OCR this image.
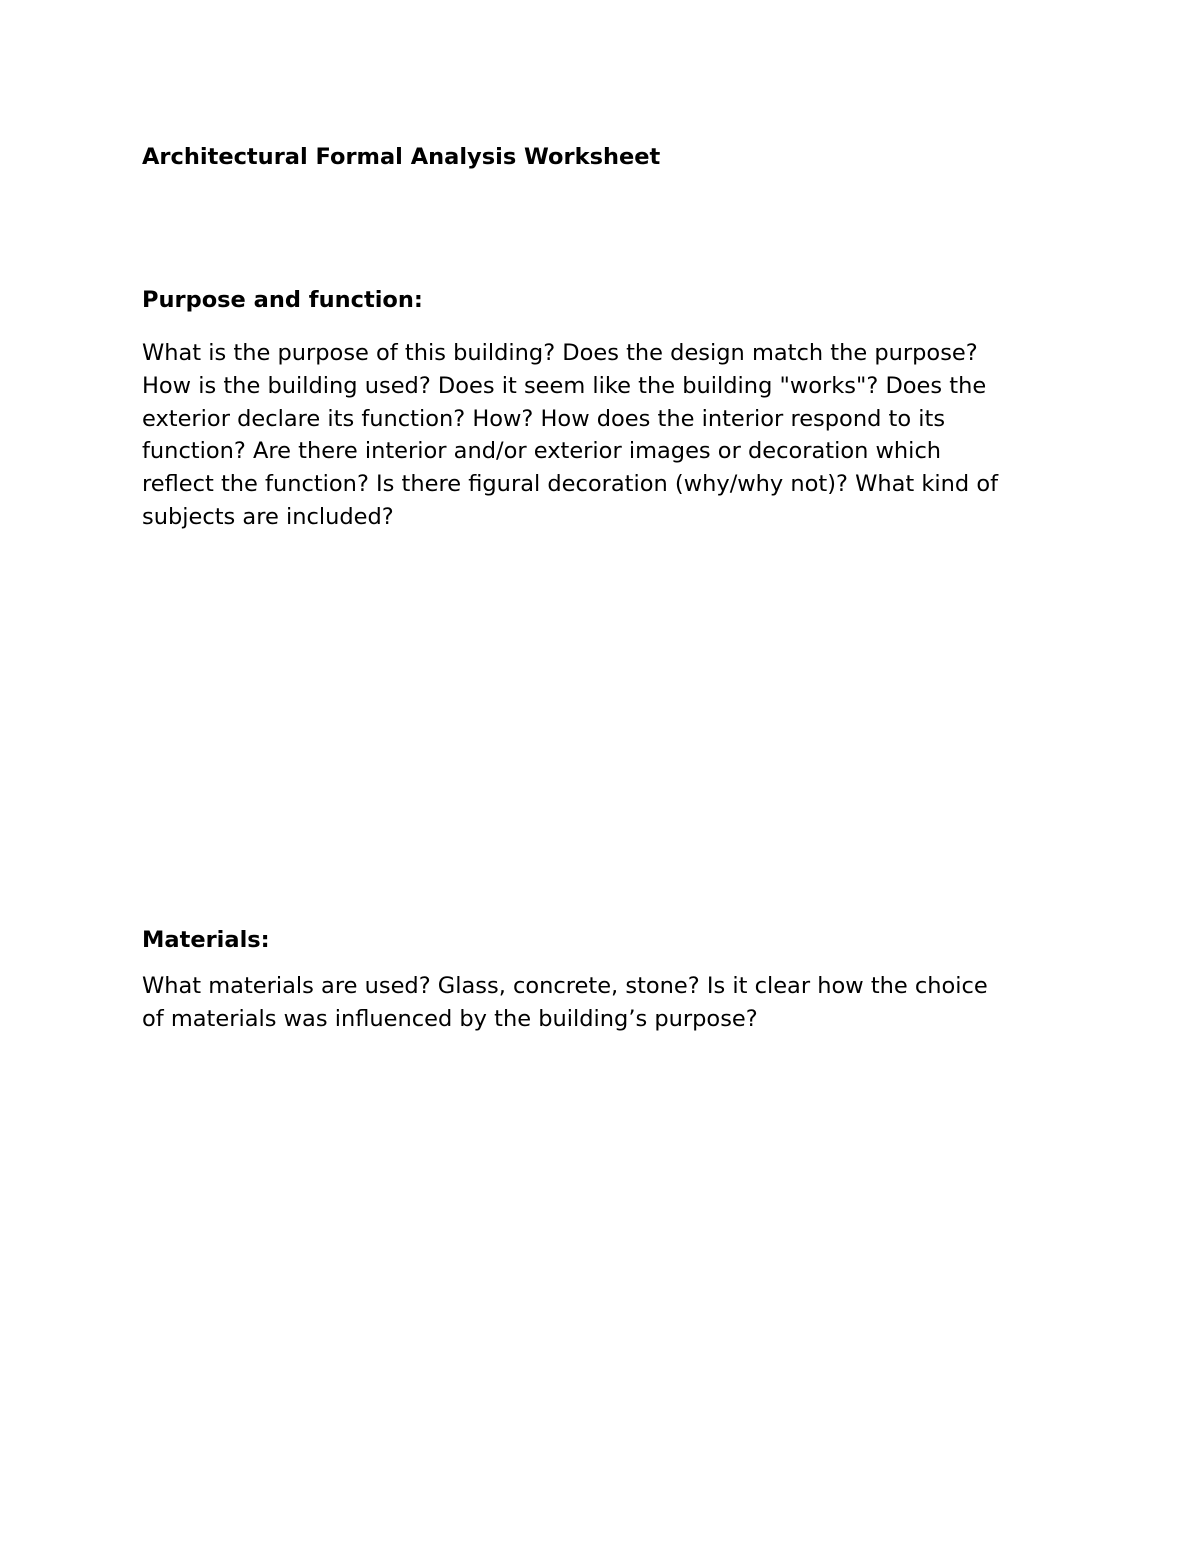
Architectural Formal Analysis Worksheet
Purpose and function:

What is the purpose of this building? Does the design match the purpose?
How is the building used? Does it seem like the building "works"? Does the
exterior declare its function? How? How does the interior respond to its
function? Are there interior and/or exterior images or decoration which
reflect the function? Is there figural decoration (why/why not)? What kind of
subjects are included?

Materials:

What materials are used? Glass, concrete, stone? Is it clear how the choice
of materials was influenced by the building’s purpose?
